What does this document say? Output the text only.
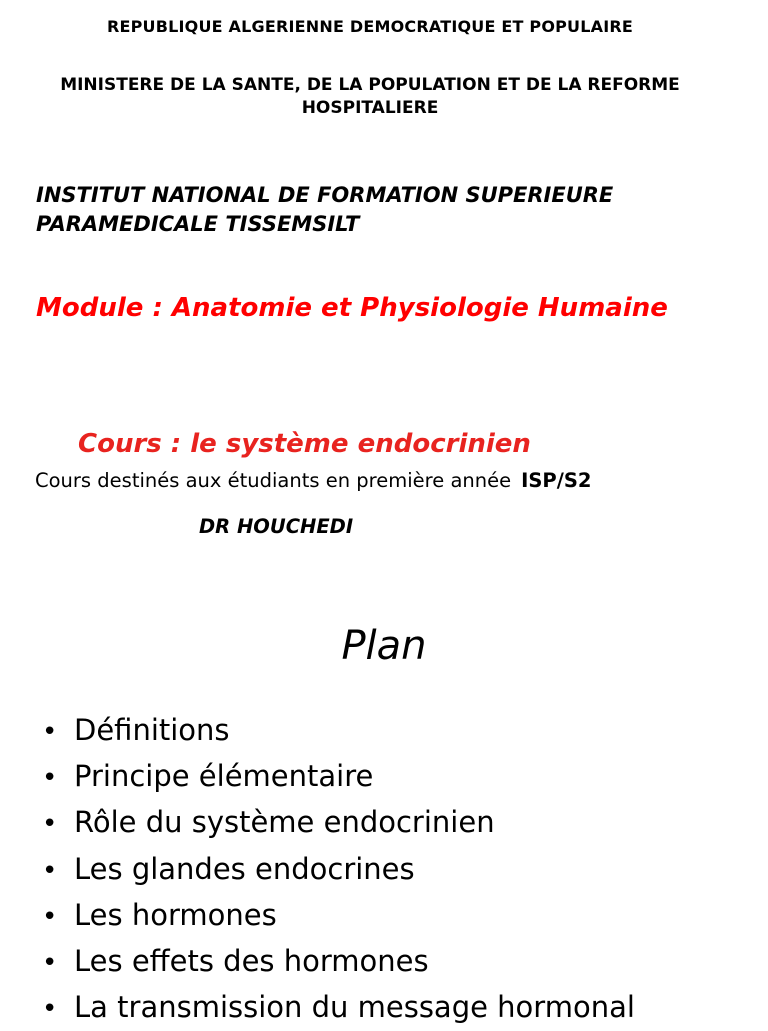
REPUBLIQUE ALGERIENNE DEMOCRATIQUE ET POPULAIRE
MINISTERE DE LA SANTE, DE LA POPULATION ET DE LA REFORME HOSPITALIERE
INSTITUT NATIONAL DE FORMATION SUPERIEURE PARAMEDICALE TISSEMSILT
Module : Anatomie et Physiologie Humaine
Cours : le système endocrinien
Cours destinés aux étudiants en première année ISP/S2
DR HOUCHEDI
Plan
• Définitions
• Principe élémentaire
• Rôle du système endocrinien
• Les glandes endocrines
• Les hormones
• Les effets des hormones
• La transmission du message hormonal
